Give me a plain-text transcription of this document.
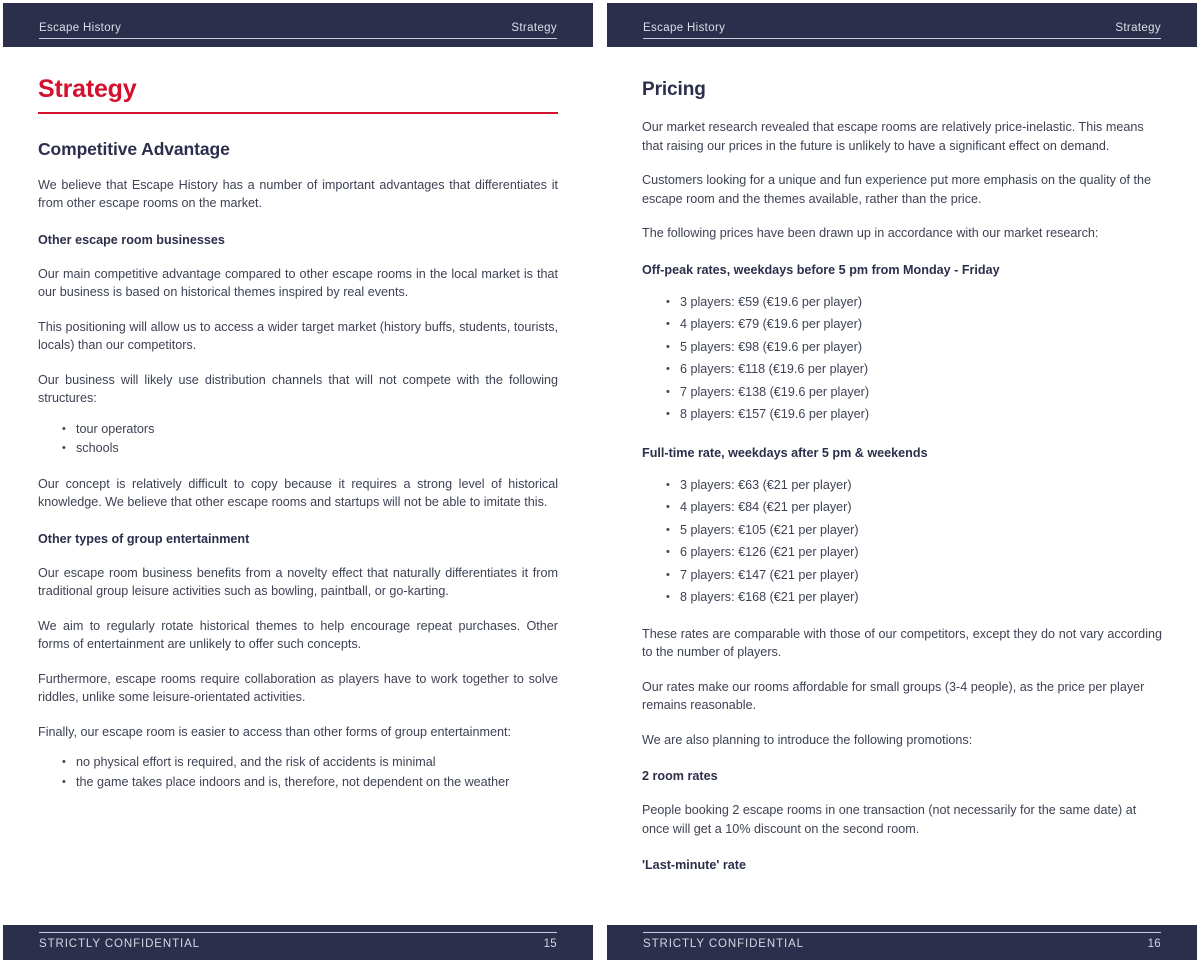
Escape History	Strategy
Strategy
Competitive Advantage

We believe that Escape History has a number of important advantages that differentiates it from other escape rooms on the market.

Other escape room businesses

Our main competitive advantage compared to other escape rooms in the local market is that our business is based on historical themes inspired by real events.

This positioning will allow us to access a wider target market (history buffs, students, tourists, locals) than our competitors.

Our business will likely use distribution channels that will not compete with the following structures:

• tour operators
• schools

Our concept is relatively difficult to copy because it requires a strong level of historical knowledge. We believe that other escape rooms and startups will not be able to imitate this.

Other types of group entertainment

Our escape room business benefits from a novelty effect that naturally differentiates it from traditional group leisure activities such as bowling, paintball, or go-karting.

We aim to regularly rotate historical themes to help encourage repeat purchases. Other forms of entertainment are unlikely to offer such concepts.

Furthermore, escape rooms require collaboration as players have to work together to solve riddles, unlike some leisure-orientated activities.

Finally, our escape room is easier to access than other forms of group entertainment:

• no physical effort is required, and the risk of accidents is minimal
• the game takes place indoors and is, therefore, not dependent on the weather
STRICTLY CONFIDENTIAL	15
Escape History	Strategy
Pricing

Our market research revealed that escape rooms are relatively price-inelastic. This means that raising our prices in the future is unlikely to have a significant effect on demand.

Customers looking for a unique and fun experience put more emphasis on the quality of the escape room and the themes available, rather than the price.

The following prices have been drawn up in accordance with our market research:

Off-peak rates, weekdays before 5 pm from Monday - Friday
• 3 players: €59 (€19.6 per player)
• 4 players: €79 (€19.6 per player)
• 5 players: €98 (€19.6 per player)
• 6 players: €118 (€19.6 per player)
• 7 players: €138 (€19.6 per player)
• 8 players: €157 (€19.6 per player)
Full-time rate, weekdays after 5 pm & weekends
• 3 players: €63 (€21 per player)
• 4 players: €84 (€21 per player)
• 5 players: €105 (€21 per player)
• 6 players: €126 (€21 per player)
• 7 players: €147 (€21 per player)
• 8 players: €168 (€21 per player)

These rates are comparable with those of our competitors, except they do not vary according to the number of players.

Our rates make our rooms affordable for small groups (3-4 people), as the price per player remains reasonable.

We are also planning to introduce the following promotions:

2 room rates

People booking 2 escape rooms in one transaction (not necessarily for the same date) at once will get a 10% discount on the second room.

'Last-minute' rate
STRICTLY CONFIDENTIAL	16
